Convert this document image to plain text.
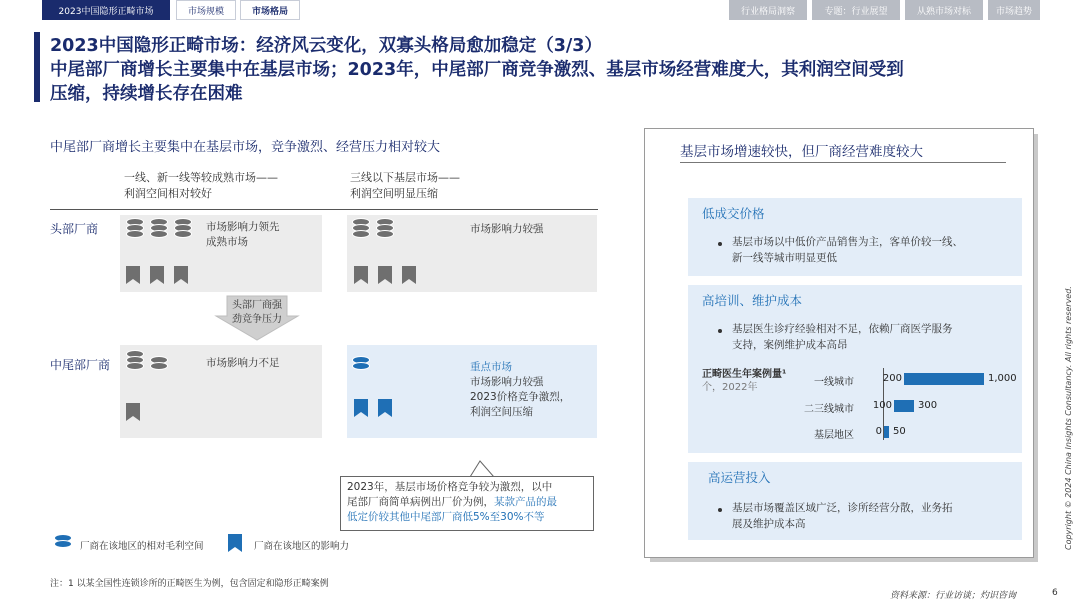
2023中国隐形正畸市场	市场规模	市场格局	行业格局洞察	专题：行业展望	从熟市场对标	市场趋势
2023中国隐形正畸市场：经济风云变化，双寡头格局愈加稳定（3/3）
中尾部厂商增长主要集中在基层市场；2023年，中尾部厂商竞争激烈、基层市场经营难度大，其利润空间受到
压缩，持续增长存在困难
中尾部厂商增长主要集中在基层市场，竞争激烈、经营压力相对较大
一线、新一线等较成熟市场——
利润空间相对较好
三线以下基层市场——
利润空间明显压缩
头部厂商
中尾部厂商
市场影响力领先
成熟市场
市场影响力较强
头部厂商强
劲竞争压力
市场影响力不足	重点市场
市场影响力较强
2023价格竞争激烈，
利润空间压缩
2023年，基层市场价格竞争较为激烈，以中
尾部厂商简单病例出厂价为例，某款产品的最
低定价较其他中尾部厂商低5%至30%不等
厂商在该地区的相对毛利空间	厂商在该地区的影响力
基层市场增速较快，但厂商经营难度较大
低成交价格
基层市场以中低价产品销售为主，客单价较一线、
新一线等城市明显更低
高培训、维护成本
基层医生诊疗经验相对不足，依赖厂商医学服务
支持，案例维护成本高昂
正畸医生年案例量¹
个，2022年	一线城市	200	1,000
二三线城市	100	300
基层地区	0 50
高运营投入
基层市场覆盖区域广泛，诊所经营分散，业务拓
展及维护成本高
注：1 以某全国性连锁诊所的正畸医生为例，包含固定和隐形正畸案例
资料来源：行业访谈；灼识咨询	6
Copyright © 2024 China Insights Consultancy. All rights reserved.
